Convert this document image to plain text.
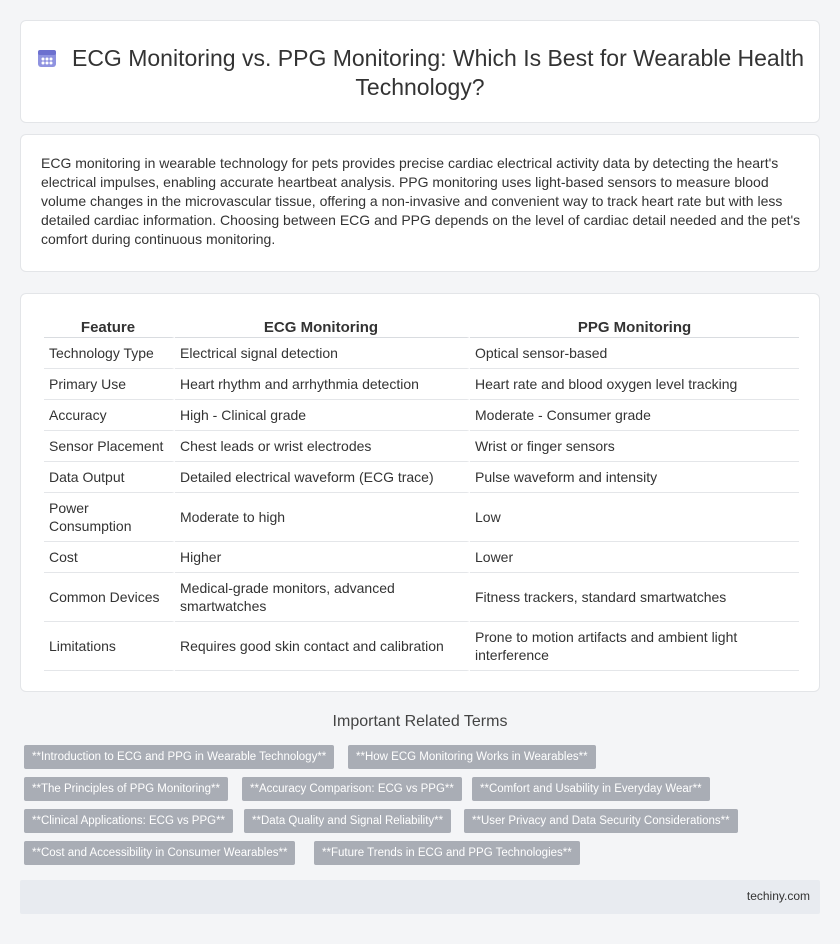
ECG Monitoring vs. PPG Monitoring: Which Is Best for Wearable Health Technology?

ECG monitoring in wearable technology for pets provides precise cardiac electrical activity data by detecting the heart's electrical impulses, enabling accurate heartbeat analysis. PPG monitoring uses light-based sensors to measure blood volume changes in the microvascular tissue, offering a non-invasive and convenient way to track heart rate but with less detailed cardiac information. Choosing between ECG and PPG depends on the level of cardiac detail needed and the pet's comfort during continuous monitoring.

Feature	ECG Monitoring	PPG Monitoring
Technology Type	Electrical signal detection	Optical sensor-based
Primary Use	Heart rhythm and arrhythmia detection	Heart rate and blood oxygen level tracking
Accuracy	High - Clinical grade	Moderate - Consumer grade
Sensor Placement	Chest leads or wrist electrodes	Wrist or finger sensors
Data Output	Detailed electrical waveform (ECG trace)	Pulse waveform and intensity
Power Consumption	Moderate to high	Low
Cost	Higher	Lower
Common Devices	Medical-grade monitors, advanced smartwatches	Fitness trackers, standard smartwatches
Limitations	Requires good skin contact and calibration	Prone to motion artifacts and ambient light interference
Important Related Terms
**Introduction to ECG and PPG in Wearable Technology**	**How ECG Monitoring Works in Wearables**
**The Principles of PPG Monitoring**	**Accuracy Comparison: ECG vs PPG**	**Comfort and Usability in Everyday Wear**
**Clinical Applications: ECG vs PPG**	**Data Quality and Signal Reliability**	**User Privacy and Data Security Considerations**
**Cost and Accessibility in Consumer Wearables**	**Future Trends in ECG and PPG Technologies**
techiny.com
